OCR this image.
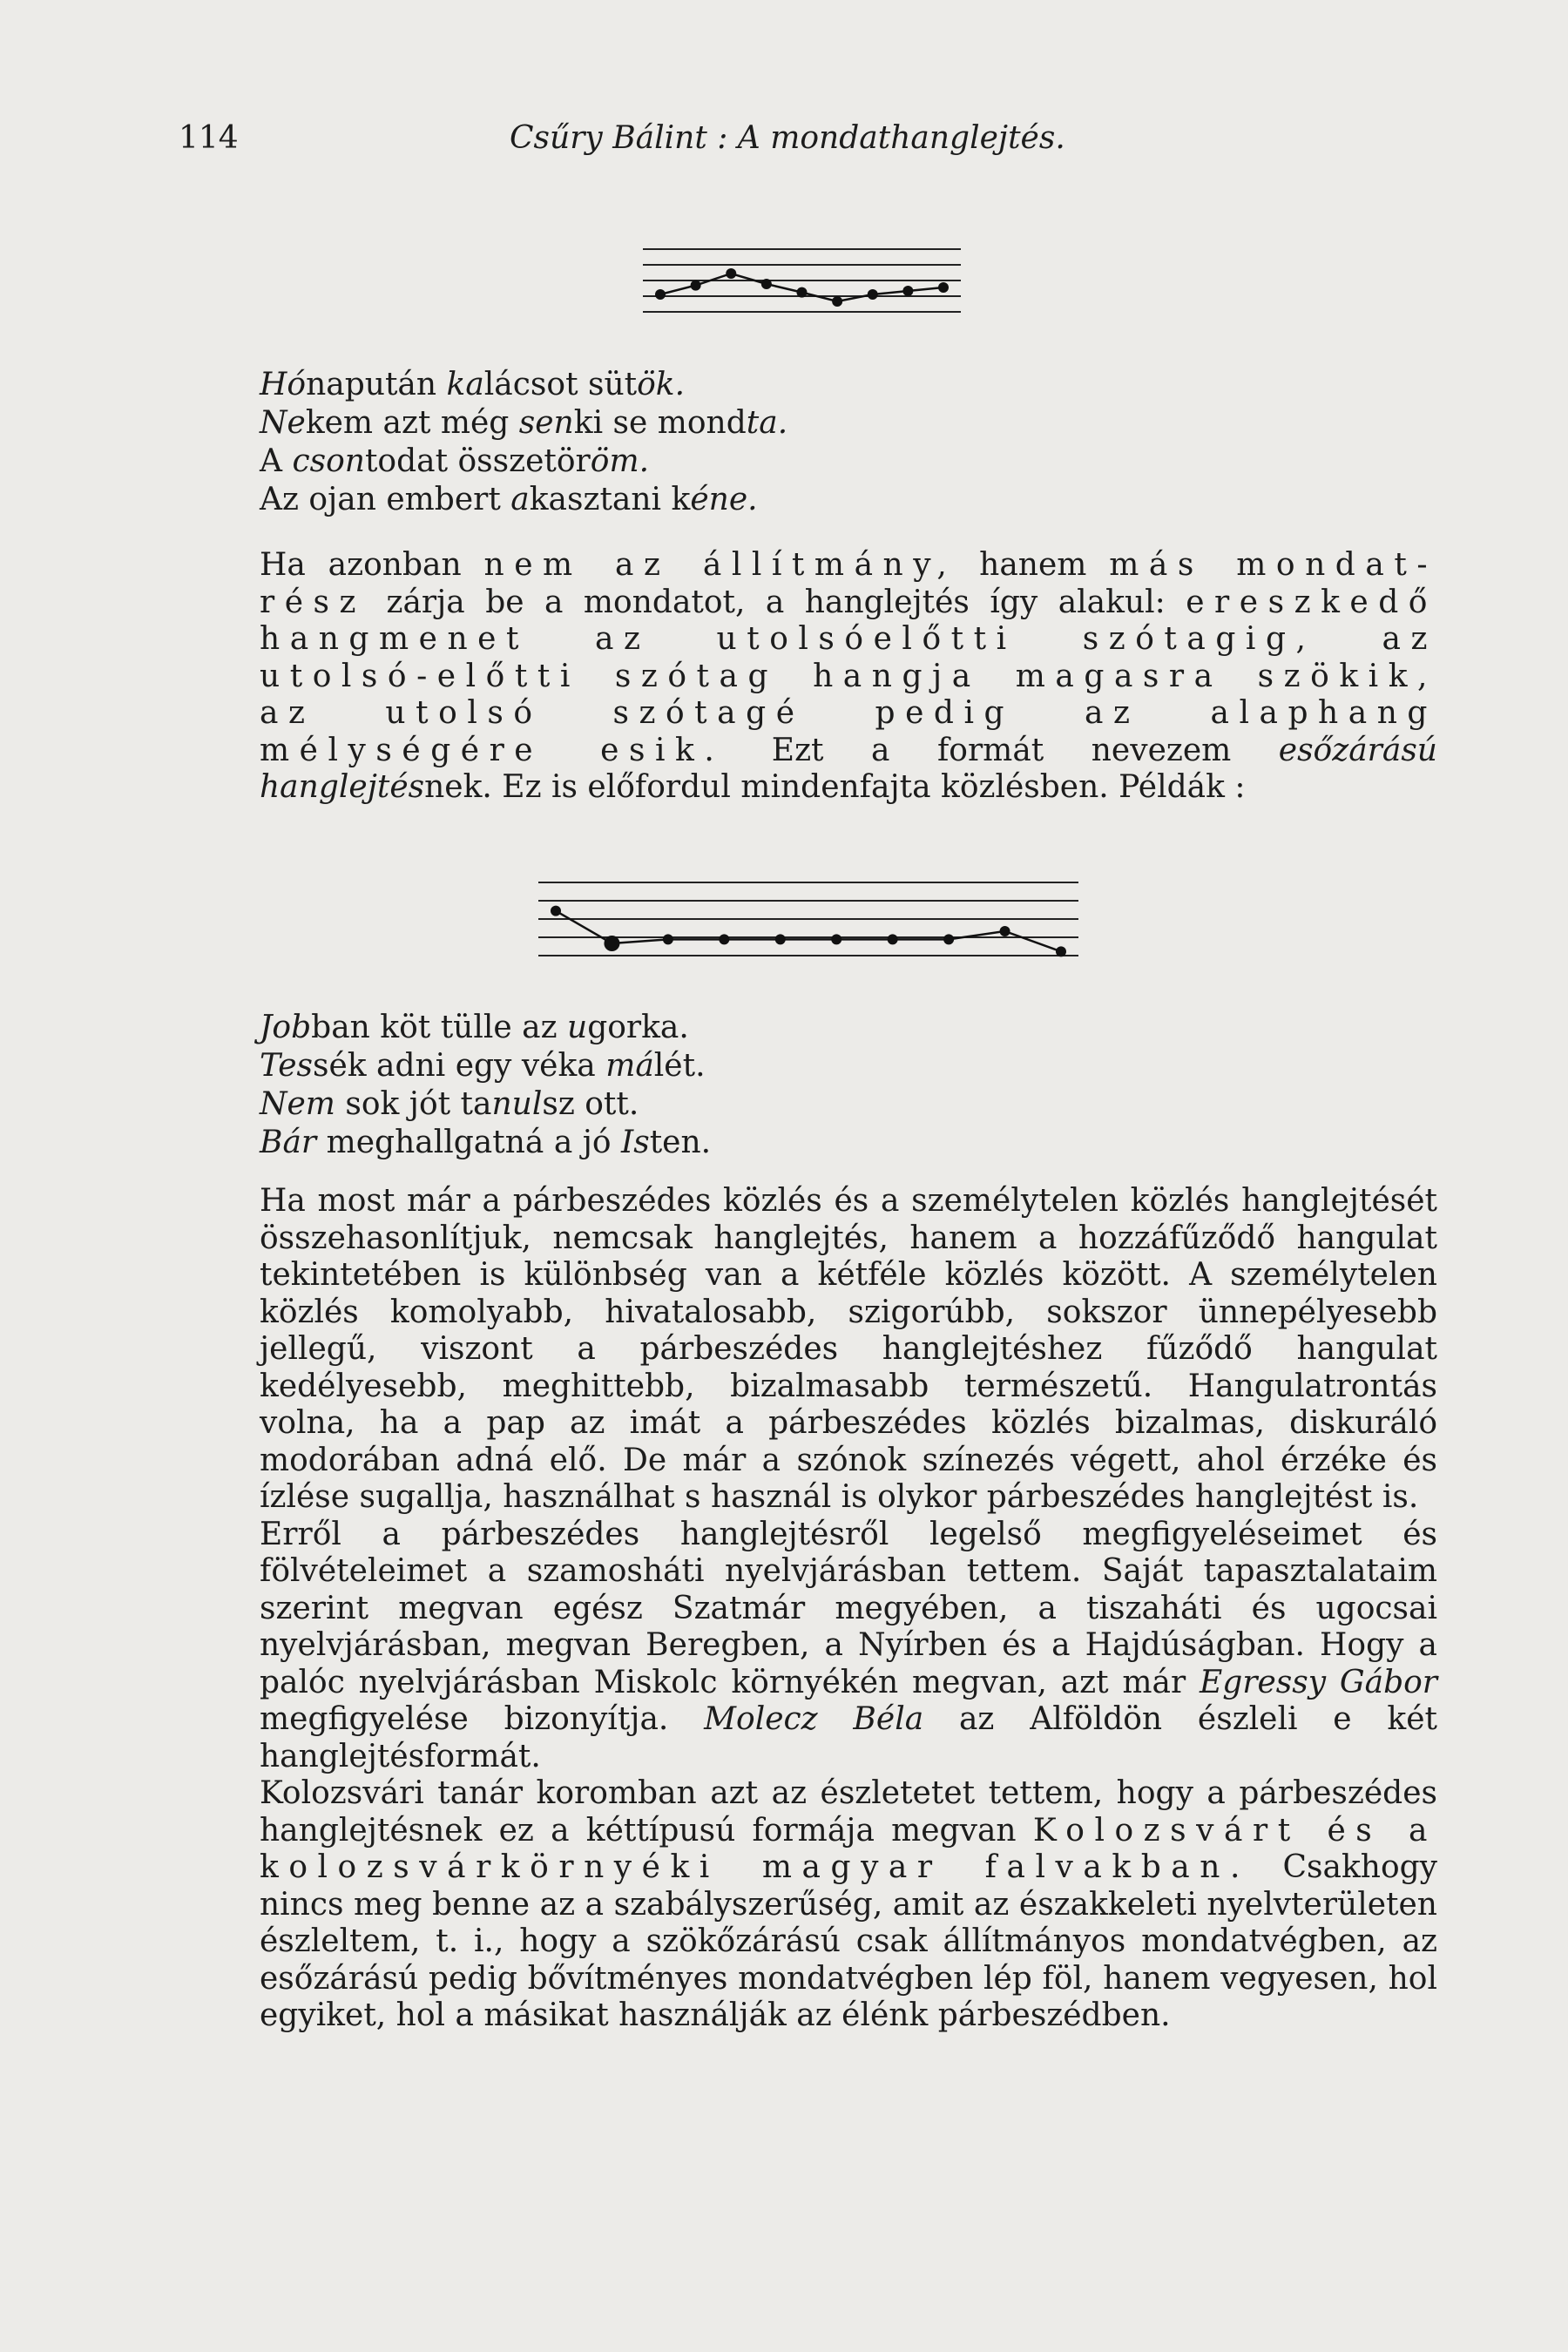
114	Csűry Bálint : A mondathanglejtés.
Hónapután kalácsot sütök.
Nekem azt még senki se mondta.
A csontodat összetöröm.
Az ojan embert akasztani kéne.

Ha azonban nem az állítmány, hanem más mondat-rész zárja be a mondatot, a hanglejtés így alakul: ereszkedő hangmenet az utolsóelőtti szótagig, az utolsó-előtti szótag hangja magasra szökik, az utolsó szótagé pedig az alaphang mélységére esik. Ezt a formát nevezem esőzárású hanglejtésnek. Ez is előfordul mindenfajta közlésben. Példák :

Jobban köt tülle az ugorka.
Tessék adni egy véka málét.
Nem sok jót tanulsz ott.
Bár meghallgatná a jó Isten.

Ha most már a párbeszédes közlés és a személytelen közlés hanglejtését összehasonlítjuk, nemcsak hanglejtés, hanem a hozzáfűződő hangulat tekintetében is különbség van a kétféle közlés között. A személytelen közlés komolyabb, hivatalosabb, szigorúbb, sokszor ünnepélyesebb jellegű, viszont a párbeszédes hanglejtéshez fűződő hangulat kedélyesebb, meghittebb, bizalmasabb természetű. Hangulatrontás volna, ha a pap az imát a párbeszédes közlés bizalmas, diskuráló modorában adná elő. De már a szónok színezés végett, ahol érzéke és ízlése sugallja, használhat s használ is olykor párbeszédes hanglejtést is.

Erről a párbeszédes hanglejtésről legelső megfigyeléseimet és fölvételeimet a szamosháti nyelvjárásban tettem. Saját tapasztalataim szerint megvan egész Szatmár megyében, a tiszaháti és ugocsai nyelvjárásban, megvan Beregben, a Nyírben és a Hajdúságban. Hogy a palóc nyelvjárásban Miskolc környékén megvan, azt már Egressy Gábor megfigyelése bizonyítja. Molecz Béla az Alföldön észleli e két hanglejtésformát.

Kolozsvári tanár koromban azt az észletetet tettem, hogy a párbeszédes hanglejtésnek ez a kéttípusú formája megvan Kolozsvárt és a kolozsvárkörnyéki magyar falvakban. Csakhogy nincs meg benne az a szabályszerűség, amit az északkeleti nyelvterületen észleltem, t. i., hogy a szökőzárású csak állítmányos mondatvégben, az esőzárású pedig bővítményes mondatvégben lép föl, hanem vegyesen, hol egyiket, hol a másikat használják az élénk párbeszédben.
